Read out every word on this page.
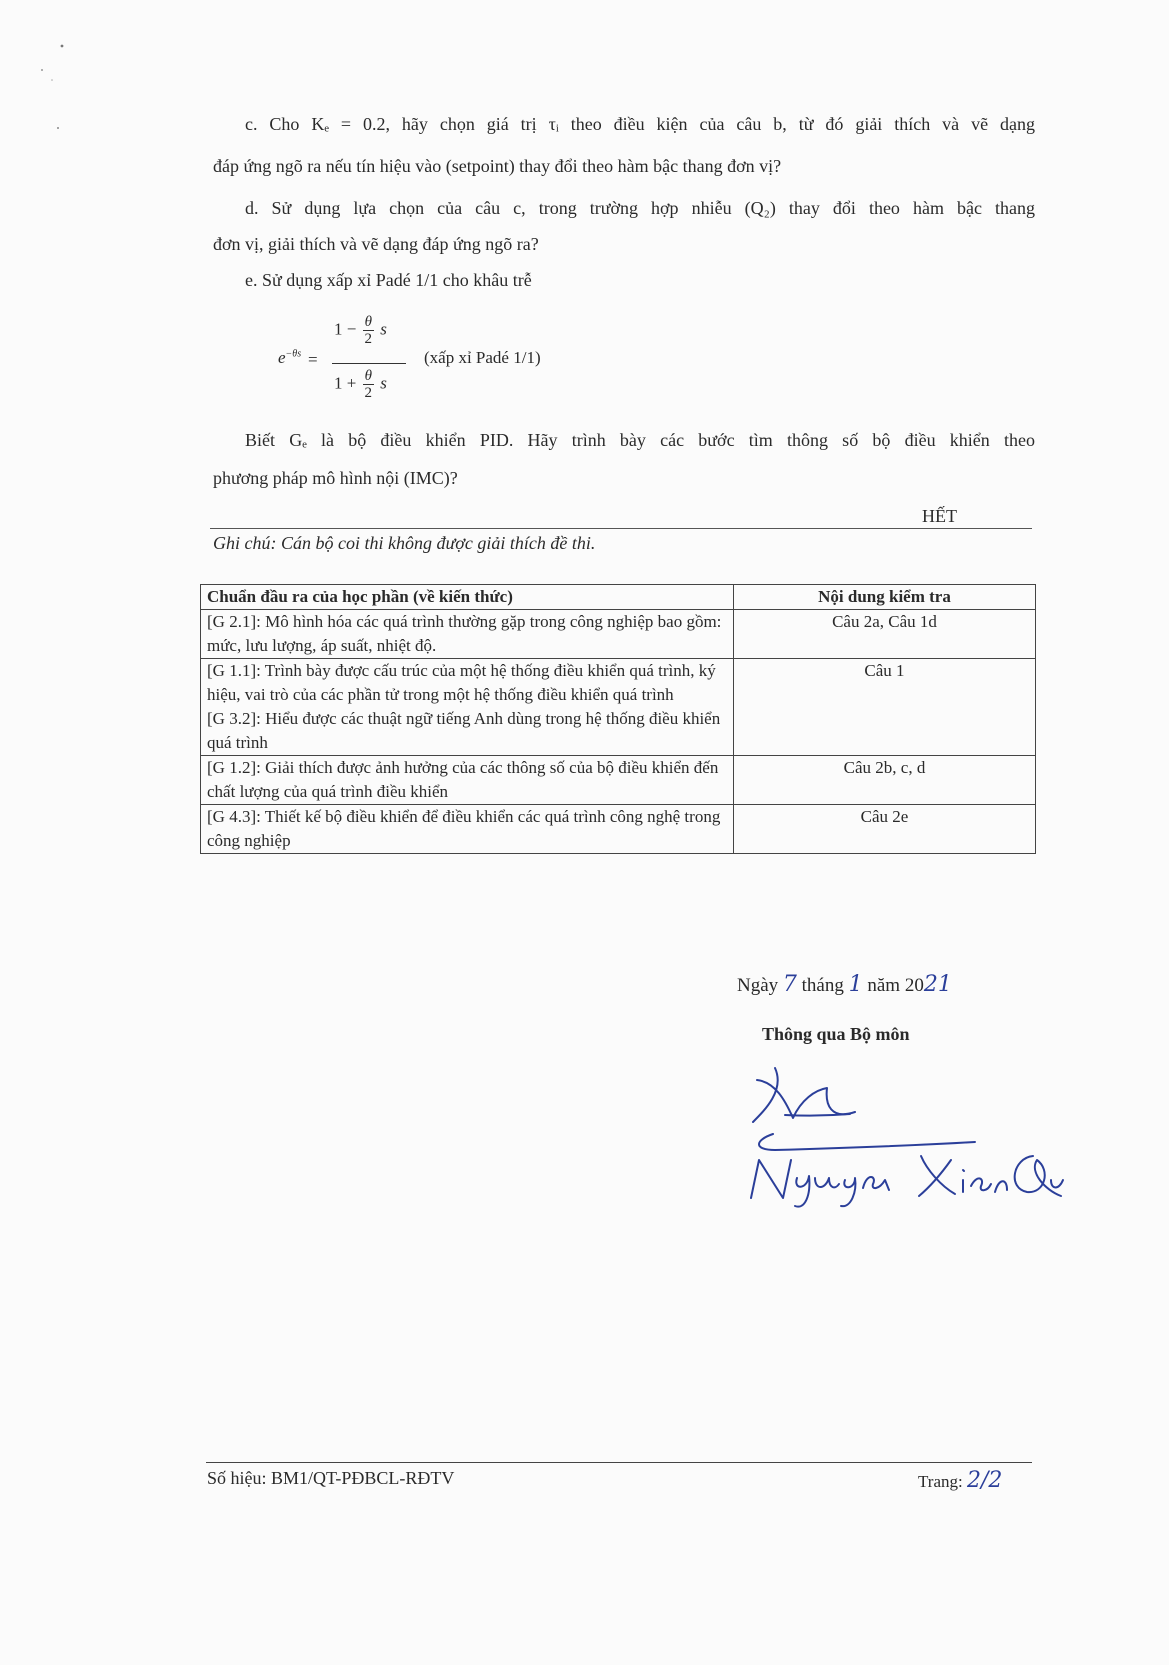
c. Cho Kₑ = 0.2, hãy chọn giá trị τᵢ theo điều kiện của câu b, từ đó giải thích và vẽ dạng
đáp ứng ngõ ra nếu tín hiệu vào (setpoint) thay đổi theo hàm bậc thang đơn vị?
d. Sử dụng lựa chọn của câu c, trong trường hợp nhiễu (Q₂) thay đổi theo hàm bậc thang
đơn vị, giải thích và vẽ dạng đáp ứng ngõ ra?
e. Sử dụng xấp xỉ Padé 1/1 cho khâu trễ
$e^{-\theta s}$ =
$1 - \frac{\theta}{2}$ s
$1 + \frac{\theta}{2}$ s
(xấp xỉ Padé 1/1)
Biết Gₑ là bộ điều khiển PID. Hãy trình bày các bước tìm thông số bộ điều khiển theo
phương pháp mô hình nội (IMC)?
HẾT
Ghi chú: Cán bộ coi thi không được giải thích đề thi.
Chuẩn đầu ra của học phần (về kiến thức)	Nội dung kiểm tra
[G 2.1]: Mô hình hóa các quá trình thường gặp trong công nghiệp bao gồm: mức, lưu lượng, áp suất, nhiệt độ.	Câu 2a, Câu 1d

[G 1.1]: Trình bày được cấu trúc của một hệ thống điều khiển quá trình, ký hiệu, vai trò của các phần tử trong một hệ thống điều khiển quá trình
[G 3.2]: Hiểu được các thuật ngữ tiếng Anh dùng trong hệ thống điều khiển quá trình	Câu 1
[G 1.2]: Giải thích được ảnh hưởng của các thông số của bộ điều khiển đến chất lượng của quá trình điều khiển	Câu 2b, c, d
[G 4.3]: Thiết kế bộ điều khiển để điều khiển các quá trình công nghệ trong công nghiệp	Câu 2e
Ngày 7 tháng 1 năm 2021
Thông qua Bộ môn
Số hiệu: BM1/QT-PĐBCL-RĐTV	Trang: 2/2
